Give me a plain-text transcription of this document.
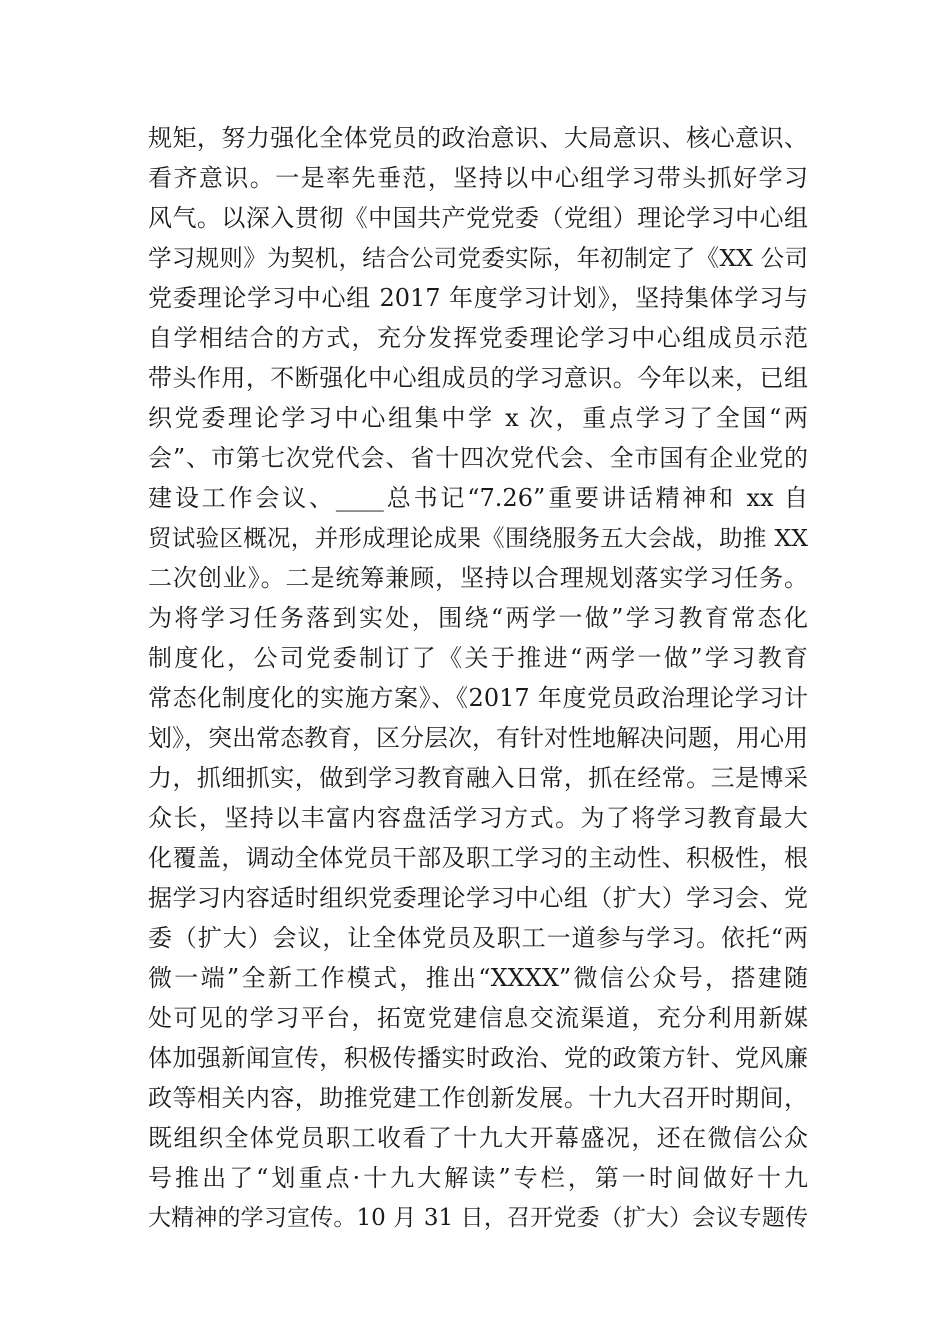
规矩，努力强化全体党员的政治意识、大局意识、核心意识、
看齐意识。一是率先垂范，坚持以中心组学习带头抓好学习
风气。以深入贯彻《中国共产党党委（党组）理论学习中心组
学习规则》为契机，结合公司党委实际，年初制定了《XX 公司
党委理论学习中心组 2017 年度学习计划》，坚持集体学习与
自学相结合的方式，充分发挥党委理论学习中心组成员示范
带头作用，不断强化中心组成员的学习意识。今年以来，已组
织党委理论学习中心组集中学 x 次，重点学习了全国“两
会”、市第七次党代会、省十四次党代会、全市国有企业党的
建设工作会议、____总书记“7.26”重要讲话精神和 xx 自
贸试验区概况，并形成理论成果《围绕服务五大会战，助推 XX
二次创业》。二是统筹兼顾，坚持以合理规划落实学习任务。
为将学习任务落到实处，围绕“两学一做”学习教育常态化
制度化，公司党委制订了《关于推进“两学一做”学习教育
常态化制度化的实施方案》、《2017 年度党员政治理论学习计
划》，突出常态教育，区分层次，有针对性地解决问题，用心用
力，抓细抓实，做到学习教育融入日常，抓在经常。三是博采
众长，坚持以丰富内容盘活学习方式。为了将学习教育最大
化覆盖，调动全体党员干部及职工学习的主动性、积极性，根
据学习内容适时组织党委理论学习中心组（扩大）学习会、党
委（扩大）会议，让全体党员及职工一道参与学习。依托“两
微一端”全新工作模式，推出“XXXX”微信公众号，搭建随
处可见的学习平台，拓宽党建信息交流渠道，充分利用新媒
体加强新闻宣传，积极传播实时政治、党的政策方针、党风廉
政等相关内容，助推党建工作创新发展。十九大召开时期间，
既组织全体党员职工收看了十九大开幕盛况，还在微信公众
号推出了“划重点·十九大解读”专栏，第一时间做好十九
大精神的学习宣传。10 月 31 日，召开党委（扩大）会议专题传
